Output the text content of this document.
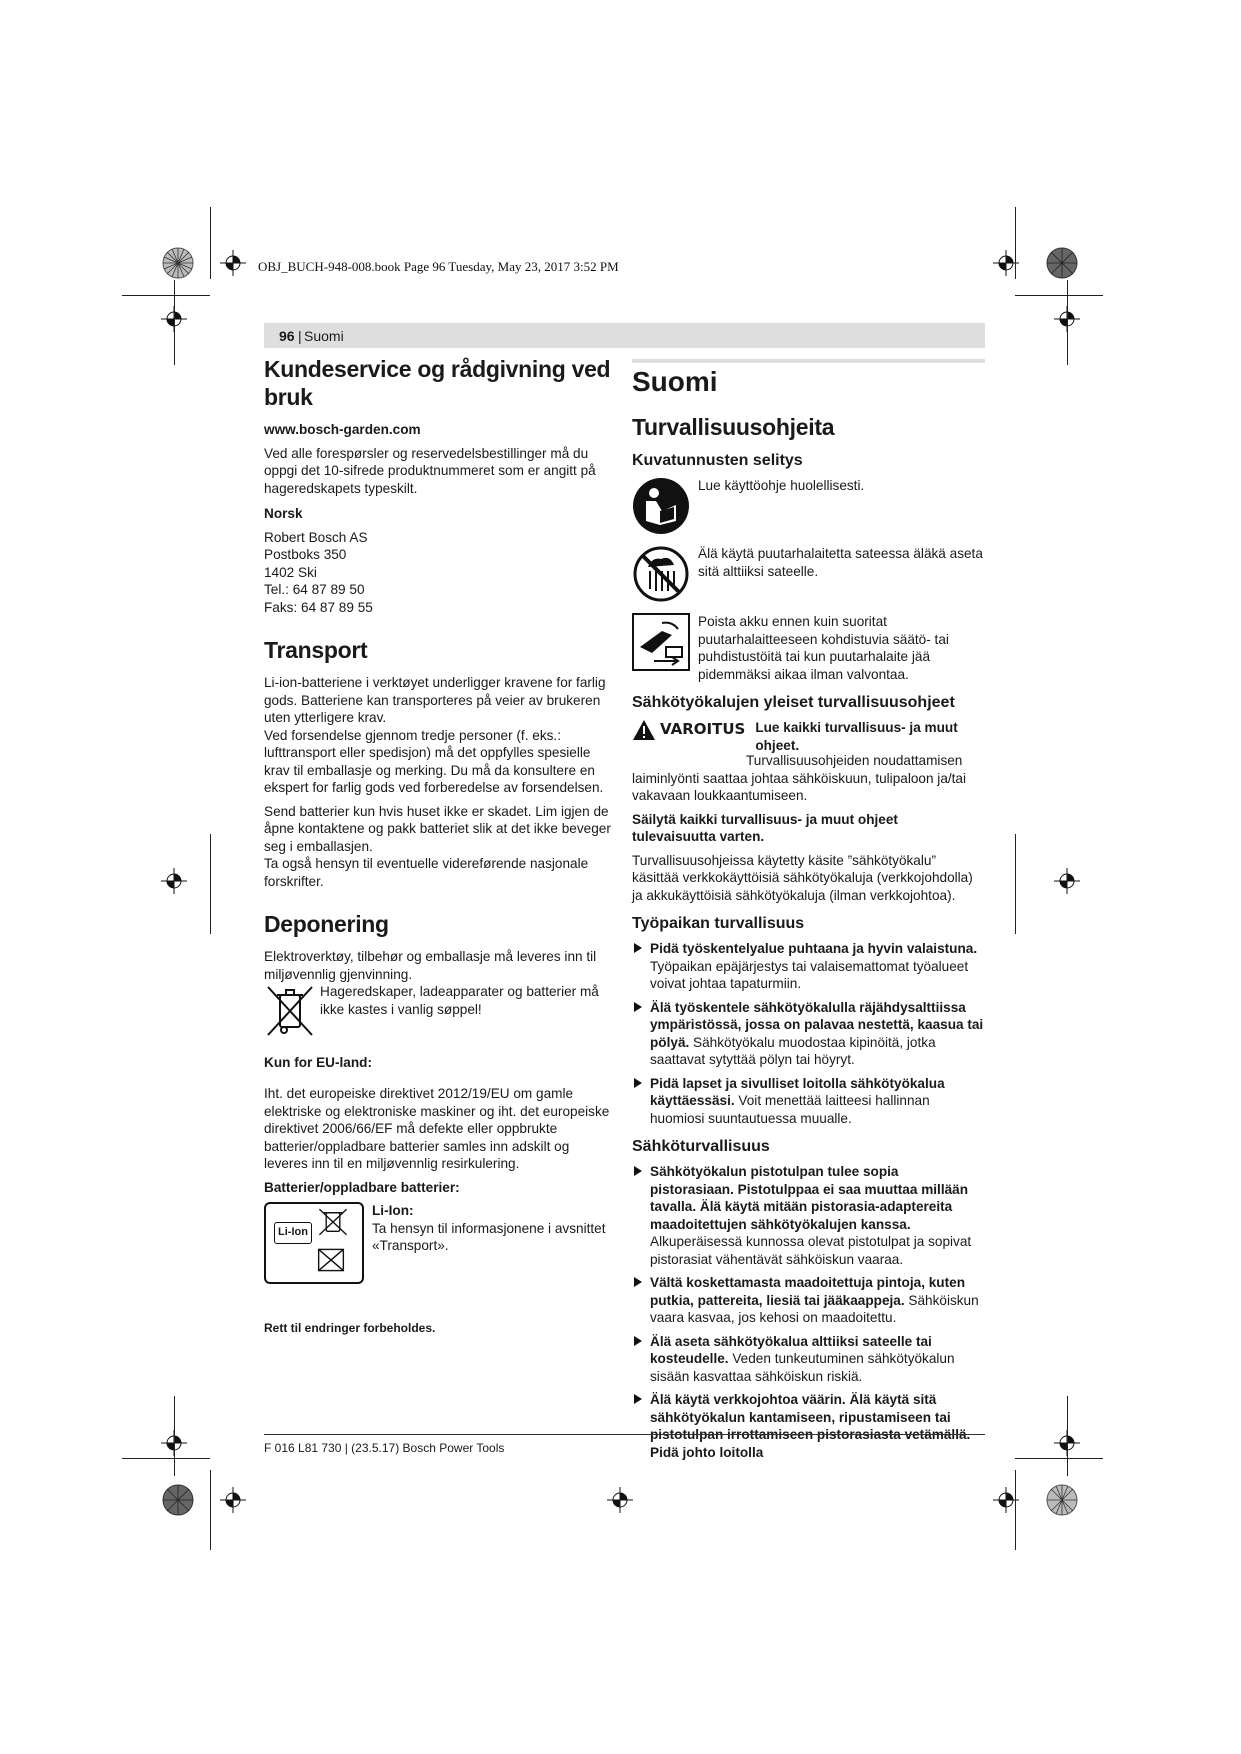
OBJ_BUCH-948-008.book Page 96 Tuesday, May 23, 2017 3:52 PM
96 | Suomi
Kundeservice og rådgivning ved bruk

www.bosch-garden.com

Ved alle forespørsler og reservedelsbestillinger må du oppgi det 10-sifrede produktnummeret som er angitt på hageredskapets typeskilt.

Norsk

Robert Bosch AS
Postboks 350
1402 Ski
Tel.: 64 87 89 50
Faks: 64 87 89 55
Transport

Li-ion-batteriene i verktøyet underligger kravene for farlig gods. Batteriene kan transporteres på veier av brukeren uten ytterligere krav.

Ved forsendelse gjennom tredje personer (f. eks.: lufttransport eller spedisjon) må det oppfylles spesielle krav til emballasje og merking. Du må da konsultere en ekspert for farlig gods ved forberedelse av forsendelsen.

Send batterier kun hvis huset ikke er skadet. Lim igjen de åpne kontaktene og pakk batteriet slik at det ikke beveger seg i emballasjen.

Ta også hensyn til eventuelle videreførende nasjonale forskrifter.

Deponering

Elektroverktøy, tilbehør og emballasje må leveres inn til miljøvennlig gjenvinning.

Hageredskaper, ladeapparater og batterier må ikke kastes i vanlig søppel!

Kun for EU-land:

Iht. det europeiske direktivet 2012/19/EU om gamle elektriske og elektroniske maskiner og iht. det europeiske direktivet 2006/66/EF må defekte eller oppbrukte batterier/oppladbare batterier samles inn adskilt og leveres inn til en miljøvennlig resirkulering.

Batterier/oppladbare batterier:

Li-Ion
Li-Ion:
Ta hensyn til informasjonene i avsnittet «Transport».

Rett til endringer forbeholdes.

Suomi
Turvallisuusohjeita
Kuvatunnusten selitys
Lue käyttöohje huolellisesti.
Älä käytä puutarhalaitetta sateessa äläkä aseta sitä alttiiksi sateelle.
Poista akku ennen kuin suoritat puutarhalaitteeseen kohdistuvia säätö- tai puhdistustöitä tai kun puutarhalaite jää pidemmäksi aikaa ilman valvontaa.
Sähkötyökalujen yleiset turvallisuusohjeet
VAROITUS Lue kaikki turvallisuus- ja muut ohjeet.

Turvallisuusohjeiden noudattamisen laiminlyönti saattaa johtaa sähköiskuun, tulipaloon ja/tai vakavaan loukkaantumiseen.

Säilytä kaikki turvallisuus- ja muut ohjeet tulevaisuutta varten.

Turvallisuusohjeissa käytetty käsite ”sähkötyökalu” käsittää verkkokäyttöisiä sähkötyökaluja (verkkojohdolla) ja akkukäyttöisiä sähkötyökaluja (ilman verkkojohtoa).

Työpaikan turvallisuus
Pidä työskentelyalue puhtaana ja hyvin valaistuna. Työpaikan epäjärjestys tai valaisemattomat työalueet voivat johtaa tapaturmiin.
Älä työskentele sähkötyökalulla räjähdysalttiissa ympäristössä, jossa on palavaa nestettä, kaasua tai pölyä. Sähkötyökalu muodostaa kipinöitä, jotka saattavat sytyttää pölyn tai höyryt.
Pidä lapset ja sivulliset loitolla sähkötyökalua käyttäessäsi. Voit menettää laitteesi hallinnan huomiosi suuntautuessa muualle.
Sähköturvallisuus
Sähkötyökalun pistotulpan tulee sopia pistorasiaan. Pistotulppaa ei saa muuttaa millään tavalla. Älä käytä mitään pistorasia-adaptereita maadoitettujen sähkötyökalujen kanssa. Alkuperäisessä kunnossa olevat pistotulpat ja sopivat pistorasiat vähentävät sähköiskun vaaraa.
Vältä koskettamasta maadoitettuja pintoja, kuten putkia, pattereita, liesiä tai jääkaappeja. Sähköiskun vaara kasvaa, jos kehosi on maadoitettu.
Älä aseta sähkötyökalua alttiiksi sateelle tai kosteudelle. Veden tunkeutuminen sähkötyökalun sisään kasvattaa sähköiskun riskiä.
Älä käytä verkkojohtoa väärin. Älä käytä sitä sähkötyökalun kantamiseen, ripustamiseen tai pistotulpan irrottamiseen pistorasiasta vetämällä. Pidä johto loitolla
F 016 L81 730 | (23.5.17) Bosch Power Tools
